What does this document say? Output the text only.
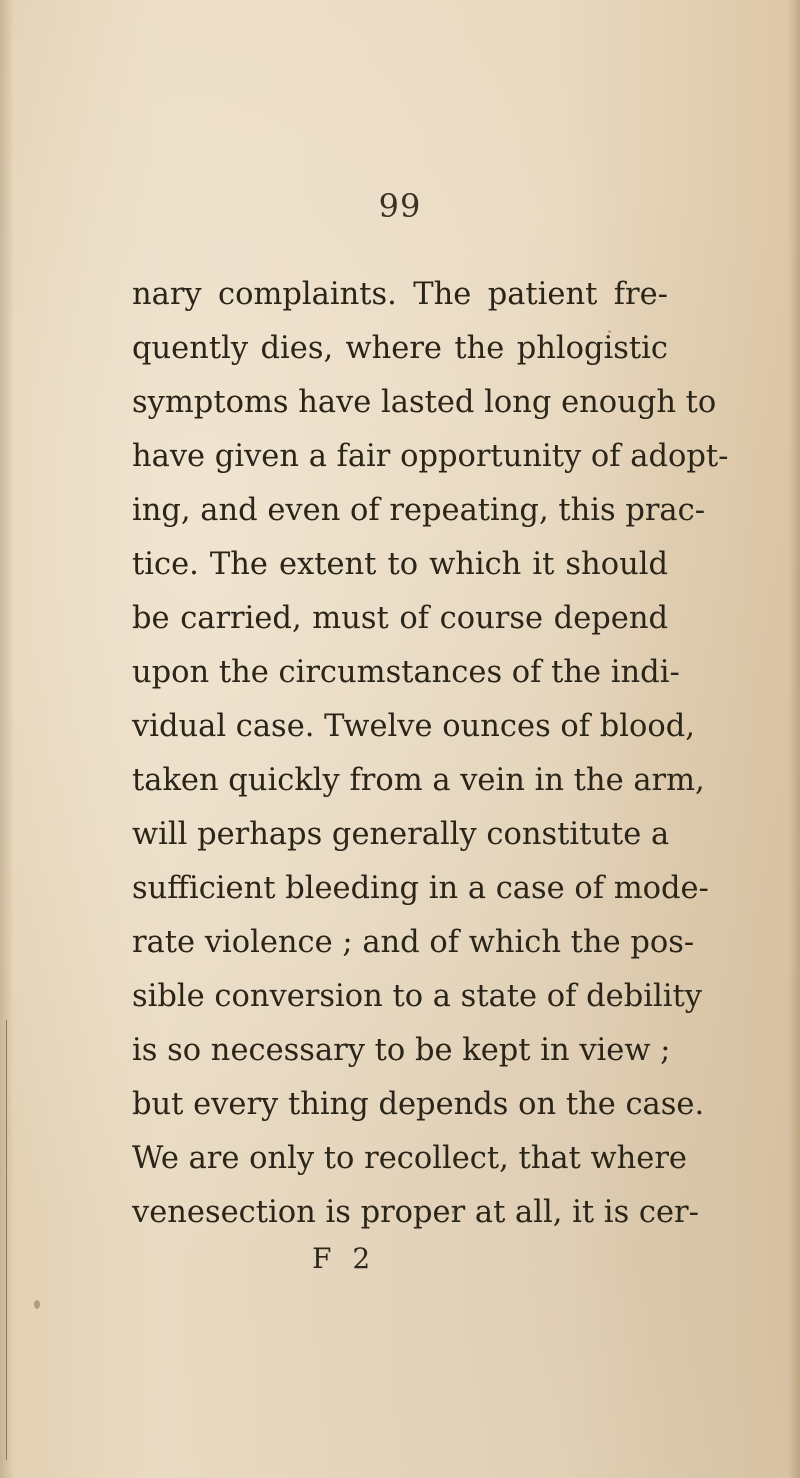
99
nary complaints. The patient fre-
quently dies, where the phlogistic
symptoms have lasted long enough to
have given a fair opportunity of adopt-
ing, and even of repeating, this prac-
tice. The extent to which it should
be carried, must of course depend
upon the circumstances of the indi-
vidual case. Twelve ounces of blood,
taken quickly from a vein in the arm,
will perhaps generally constitute a
sufficient bleeding in a case of mode-
rate violence ; and of which the pos-
sible conversion to a state of debility
is so necessary to be kept in view ;
but every thing depends on the case.
We are only to recollect, that where
venesection is proper at all, it is cer-
F 2
